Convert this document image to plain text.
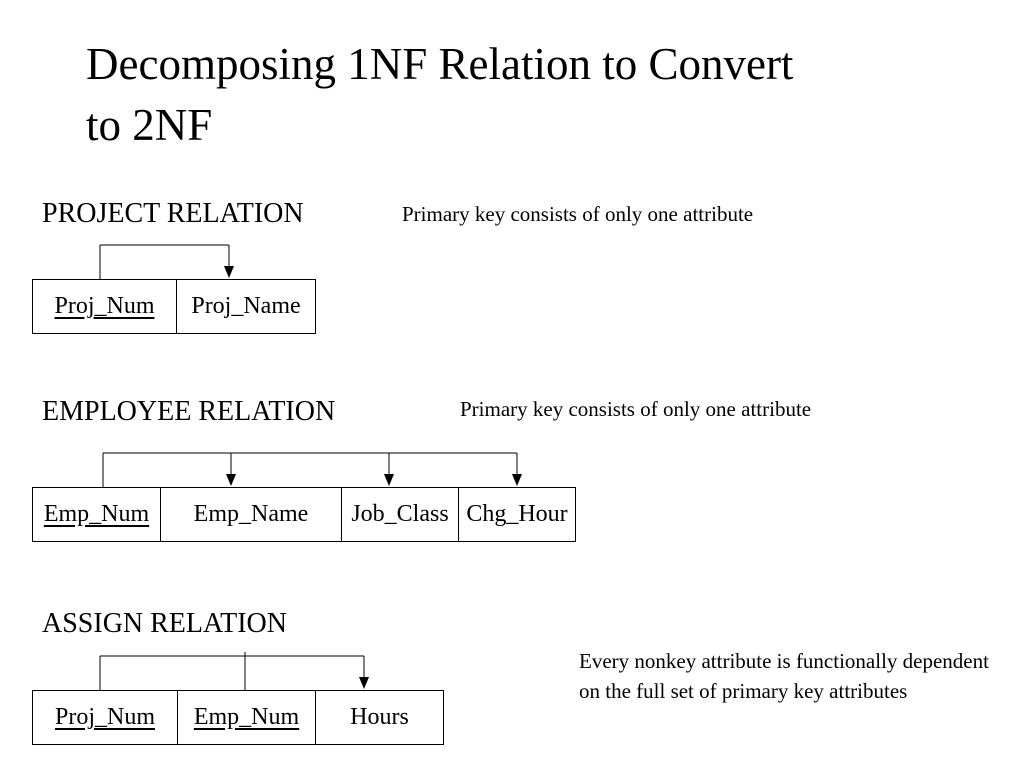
Decomposing 1NF Relation to Convert
to 2NF
PROJECT RELATION	Primary key consists of only one attribute
Proj_Num Proj_Name
EMPLOYEE RELATION	Primary key consists of only one attribute
Emp_Num Emp_Name Job_Class Chg_Hour
ASSIGN RELATION
Every nonkey attribute is functionally dependent on the full set of primary key attributes
Proj_Num Emp_Num Hours
